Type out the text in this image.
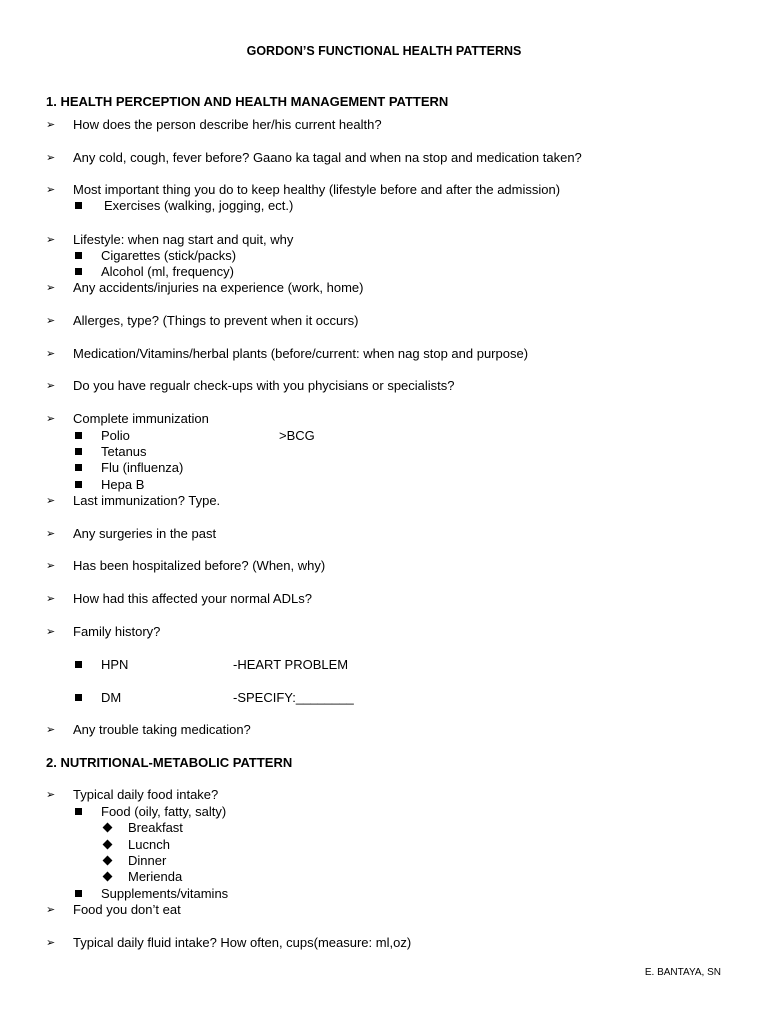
GORDON’S FUNCTIONAL HEALTH PATTERNS
1. HEALTH PERCEPTION AND HEALTH MANAGEMENT PATTERN
➢ How does the person describe her/his current health?
➢ Any cold, cough, fever before? Gaano ka tagal and when na stop and medication taken?
➢ Most important thing you do to keep healthy (lifestyle before and after the admission)
Exercises (walking, jogging, ect.)
➢ Lifestyle: when nag start and quit, why
Cigarettes (stick/packs)
Alcohol (ml, frequency)
➢ Any accidents/injuries na experience (work, home)
➢ Allerges, type? (Things to prevent when it occurs)
➢ Medication/Vitamins/herbal plants (before/current: when nag stop and purpose)
➢ Do you have regualr check-ups with you phycisians or specialists?
➢ Complete immunization
Polio	>BCG
Tetanus
Flu (influenza)
Hepa B
➢ Last immunization? Type.
➢ Any surgeries in the past
➢ Has been hospitalized before? (When, why)
➢ How had this affected your normal ADLs?
➢ Family history?
HPN	-HEART PROBLEM
DM	-SPECIFY:________
➢ Any trouble taking medication?
2. NUTRITIONAL-METABOLIC PATTERN
➢ Typical daily food intake?
Food (oily, fatty, salty)
Breakfast
Lucnch
Dinner
Merienda
Supplements/vitamins
➢ Food you don’t eat
➢ Typical daily fluid intake? How often, cups(measure: ml,oz)
E. BANTAYA, SN
